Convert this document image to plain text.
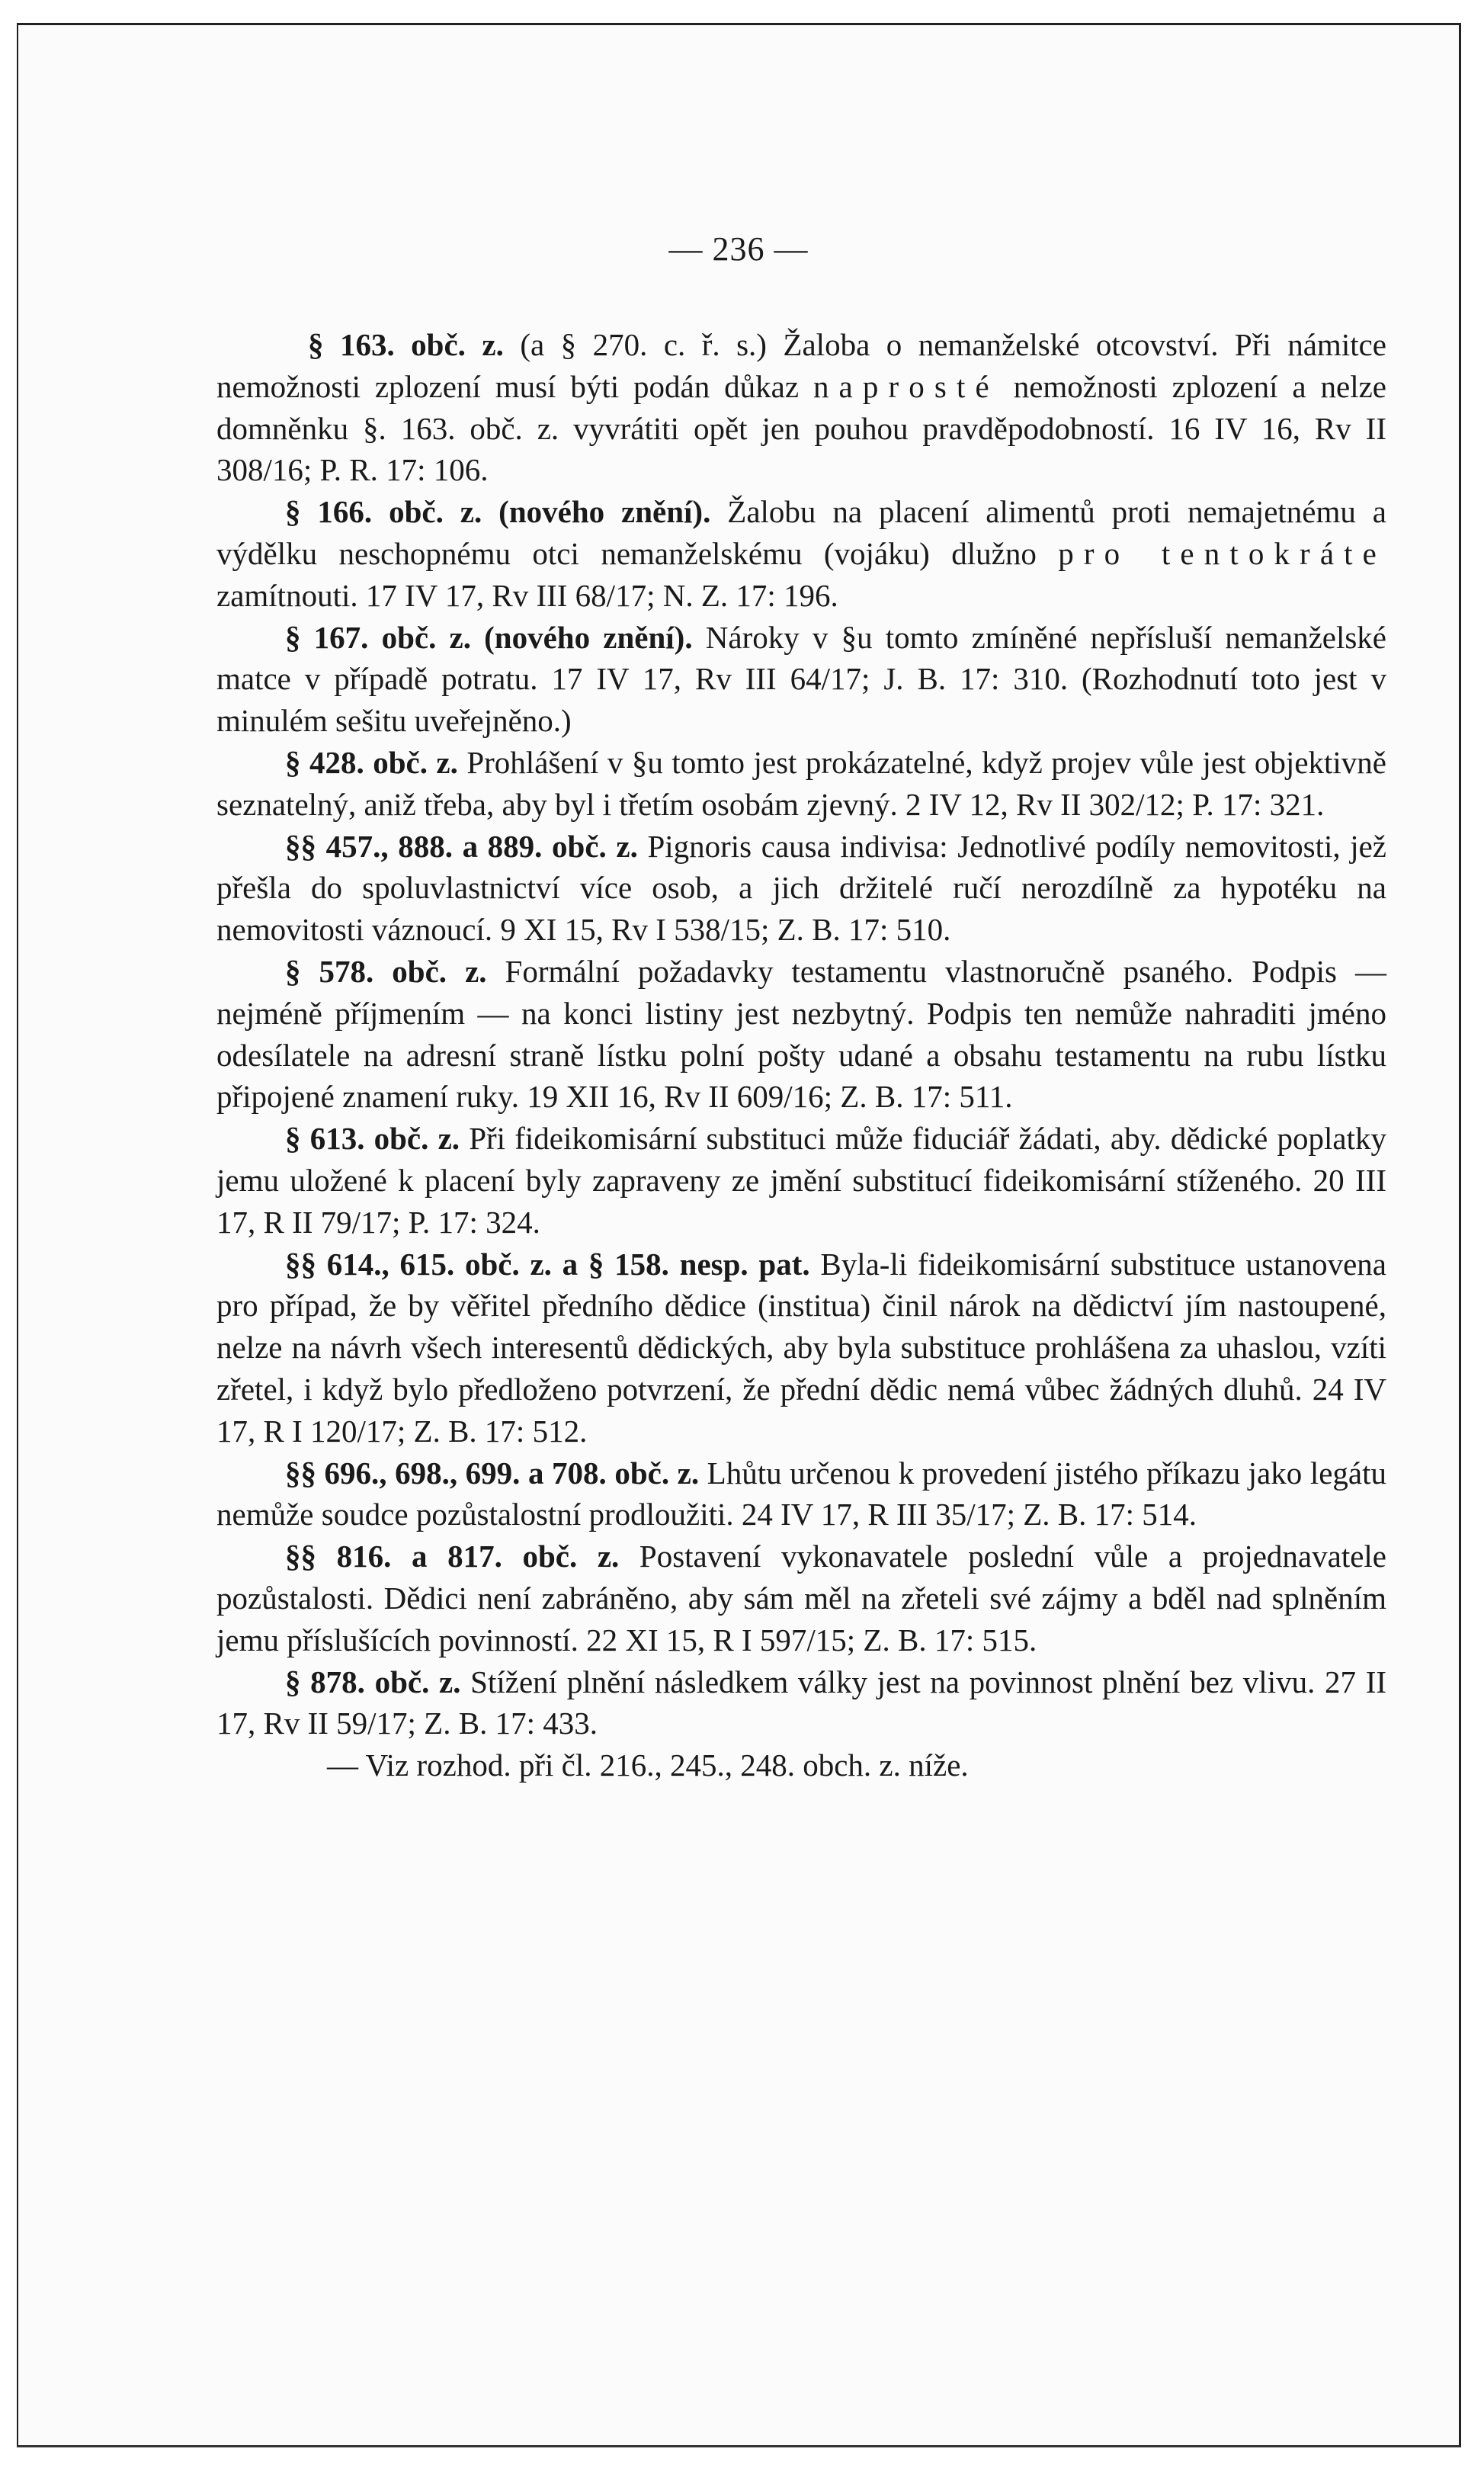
— 236 —

§ 163. obč. z. (a § 270. c. ř. s.) Žaloba o nemanželské otcovství. Při námitce nemožnosti zplození musí býti podán důkaz naprosté nemožnosti zplození a nelze domněnku §. 163. obč. z. vyvrátiti opět jen pouhou pravděpodobností. 16 IV 16, Rv II 308/16; P. R. 17: 106.

§ 166. obč. z. (nového znění). Žalobu na placení alimentů proti nemajetnému a výdělku neschopnému otci nemanželskému (vojáku) dlužno pro tentokráte zamítnouti. 17 IV 17, Rv III 68/17; N. Z. 17: 196.

§ 167. obč. z. (nového znění). Nároky v §u tomto zmíněné nepřísluší nemanželské matce v případě potratu. 17 IV 17, Rv III 64/17; J. B. 17: 310. (Rozhodnutí toto jest v minulém sešitu uveřejněno.)

§ 428. obč. z. Prohlášení v §u tomto jest prokázatelné, když projev vůle jest objektivně seznatelný, aniž třeba, aby byl i třetím osobám zjevný. 2 IV 12, Rv II 302/12; P. 17: 321.

§§ 457., 888. a 889. obč. z. Pignoris causa indivisa: Jednotlivé podíly nemovitosti, jež přešla do spoluvlastnictví více osob, a jich držitelé ručí nerozdílně za hypotéku na nemovitosti váznoucí. 9 XI 15, Rv I 538/15; Z. B. 17: 510.

§ 578. obč. z. Formální požadavky testamentu vlastnoručně psaného. Podpis — nejméně příjmením — na konci listiny jest nezbytný. Podpis ten nemůže nahraditi jméno odesílatele na adresní straně lístku polní pošty udané a obsahu testamentu na rubu lístku připojené znamení ruky. 19 XII 16, Rv II 609/16; Z. B. 17: 511.

§ 613. obč. z. Při fideikomisární substituci může fiduciář žádati, aby. dědické poplatky jemu uložené k placení byly zapraveny ze jmění substitucí fideikomisární stíženého. 20 III 17, R II 79/17; P. 17: 324.

§§ 614., 615. obč. z. a § 158. nesp. pat. Byla-li fideikomisární substituce ustanovena pro případ, že by věřitel předního dědice (institua) činil nárok na dědictví jím nastoupené, nelze na návrh všech interesentů dědických, aby byla substituce prohlášena za uhaslou, vzíti zřetel, i když bylo předloženo potvrzení, že přední dědic nemá vůbec žádných dluhů. 24 IV 17, R I 120/17; Z. B. 17: 512.

§§ 696., 698., 699. a 708. obč. z. Lhůtu určenou k provedení jistého příkazu jako legátu nemůže soudce pozůstalostní prodloužiti. 24 IV 17, R III 35/17; Z. B. 17: 514.

§§ 816. a 817. obč. z. Postavení vykonavatele poslední vůle a projednavatele pozůstalosti. Dědici není zabráněno, aby sám měl na zřeteli své zájmy a bděl nad splněním jemu příslušících povinností. 22 XI 15, R I 597/15; Z. B. 17: 515.

§ 878. obč. z. Stížení plnění následkem války jest na povinnost plnění bez vlivu. 27 II 17, Rv II 59/17; Z. B. 17: 433.

— Viz rozhod. při čl. 216., 245., 248. obch. z. níže.
